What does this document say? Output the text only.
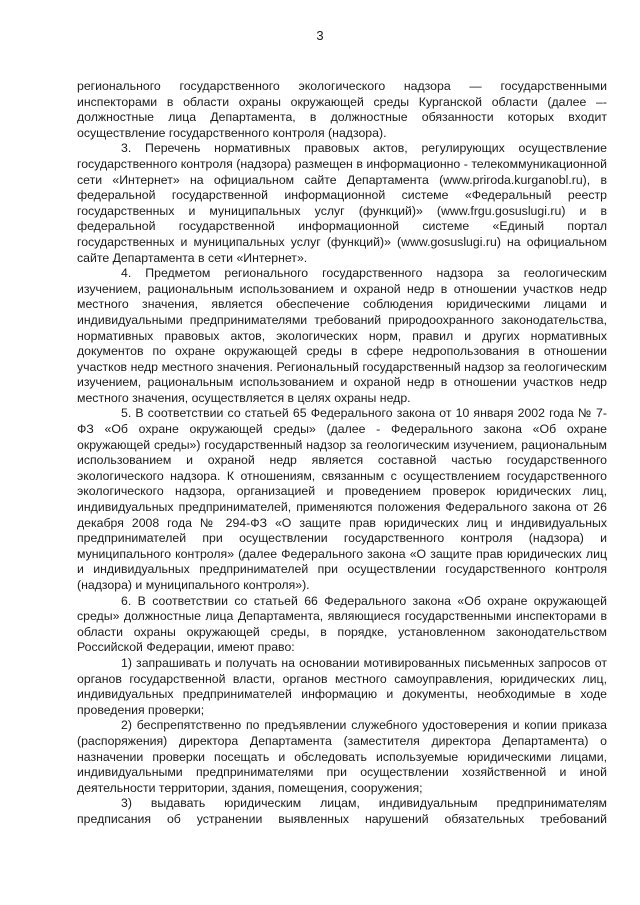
3

регионального государственного экологического надзора — государственными инспекторами в области охраны окружающей среды Курганской области (далее –- должностные лица Департамента, в должностные обязанности которых входит осуществление государственного контроля (надзора).

3. Перечень нормативных правовых актов, регулирующих осуществление государственного контроля (надзора) размещен в информационно - телекоммуникационной сети «Интернет» на официальном сайте Департамента (www.priroda.kurganobl.ru), в федеральной государственной информационной системе «Федеральный реестр государственных и муниципальных услуг (функций)» (www.frgu.gosuslugi.ru) и в федеральной государственной информационной системе «Единый портал государственных и муниципальных услуг (функций)» (www.gosuslugi.ru) на официальном сайте Департамента в сети «Интернет».

4. Предметом регионального государственного надзора за геологическим изучением, рациональным использованием и охраной недр в отношении участков недр местного значения, является обеспечение соблюдения юридическими лицами и индивидуальными предпринимателями требований природоохранного законодательства, нормативных правовых актов, экологических норм, правил и других нормативных документов по охране окружающей среды в сфере недропользования в отношении участков недр местного значения. Региональный государственный надзор за геологическим изучением, рациональным использованием и охраной недр в отношении участков недр местного значения, осуществляется в целях охраны недр.

5. В соответствии со статьей 65 Федерального закона от 10 января 2002 года № 7-ФЗ «Об охране окружающей среды» (далее - Федерального закона «Об охране окружающей среды») государственный надзор за геологическим изучением, рациональным использованием и охраной недр является составной частью государственного экологического надзора. К отношениям, связанным с осуществлением государственного экологического надзора, организацией и проведением проверок юридических лиц, индивидуальных предпринимателей, применяются положения Федерального закона от 26 декабря 2008 года № 294-ФЗ «О защите прав юридических лиц и индивидуальных предпринимателей при осуществлении государственного контроля (надзора) и муниципального контроля» (далее Федерального закона «О защите прав юридических лиц и индивидуальных предпринимателей при осуществлении государственного контроля (надзора) и муниципального контроля»).

6. В соответствии со статьей 66 Федерального закона «Об охране окружающей среды» должностные лица Департамента, являющиеся государственными инспекторами в области охраны окружающей среды, в порядке, установленном законодательством Российской Федерации, имеют право:

1) запрашивать и получать на основании мотивированных письменных запросов от органов государственной власти, органов местного самоуправления, юридических лиц, индивидуальных предпринимателей информацию и документы, необходимые в ходе проведения проверки;

2) беспрепятственно по предъявлении служебного удостоверения и копии приказа (распоряжения) директора Департамента (заместителя директора Департамента) о назначении проверки посещать и обследовать используемые юридическими лицами, индивидуальными предпринимателями при осуществлении хозяйственной и иной деятельности территории, здания, помещения, сооружения;

3) выдавать юридическим лицам, индивидуальным предпринимателям предписания об устранении выявленных нарушений обязательных требований
